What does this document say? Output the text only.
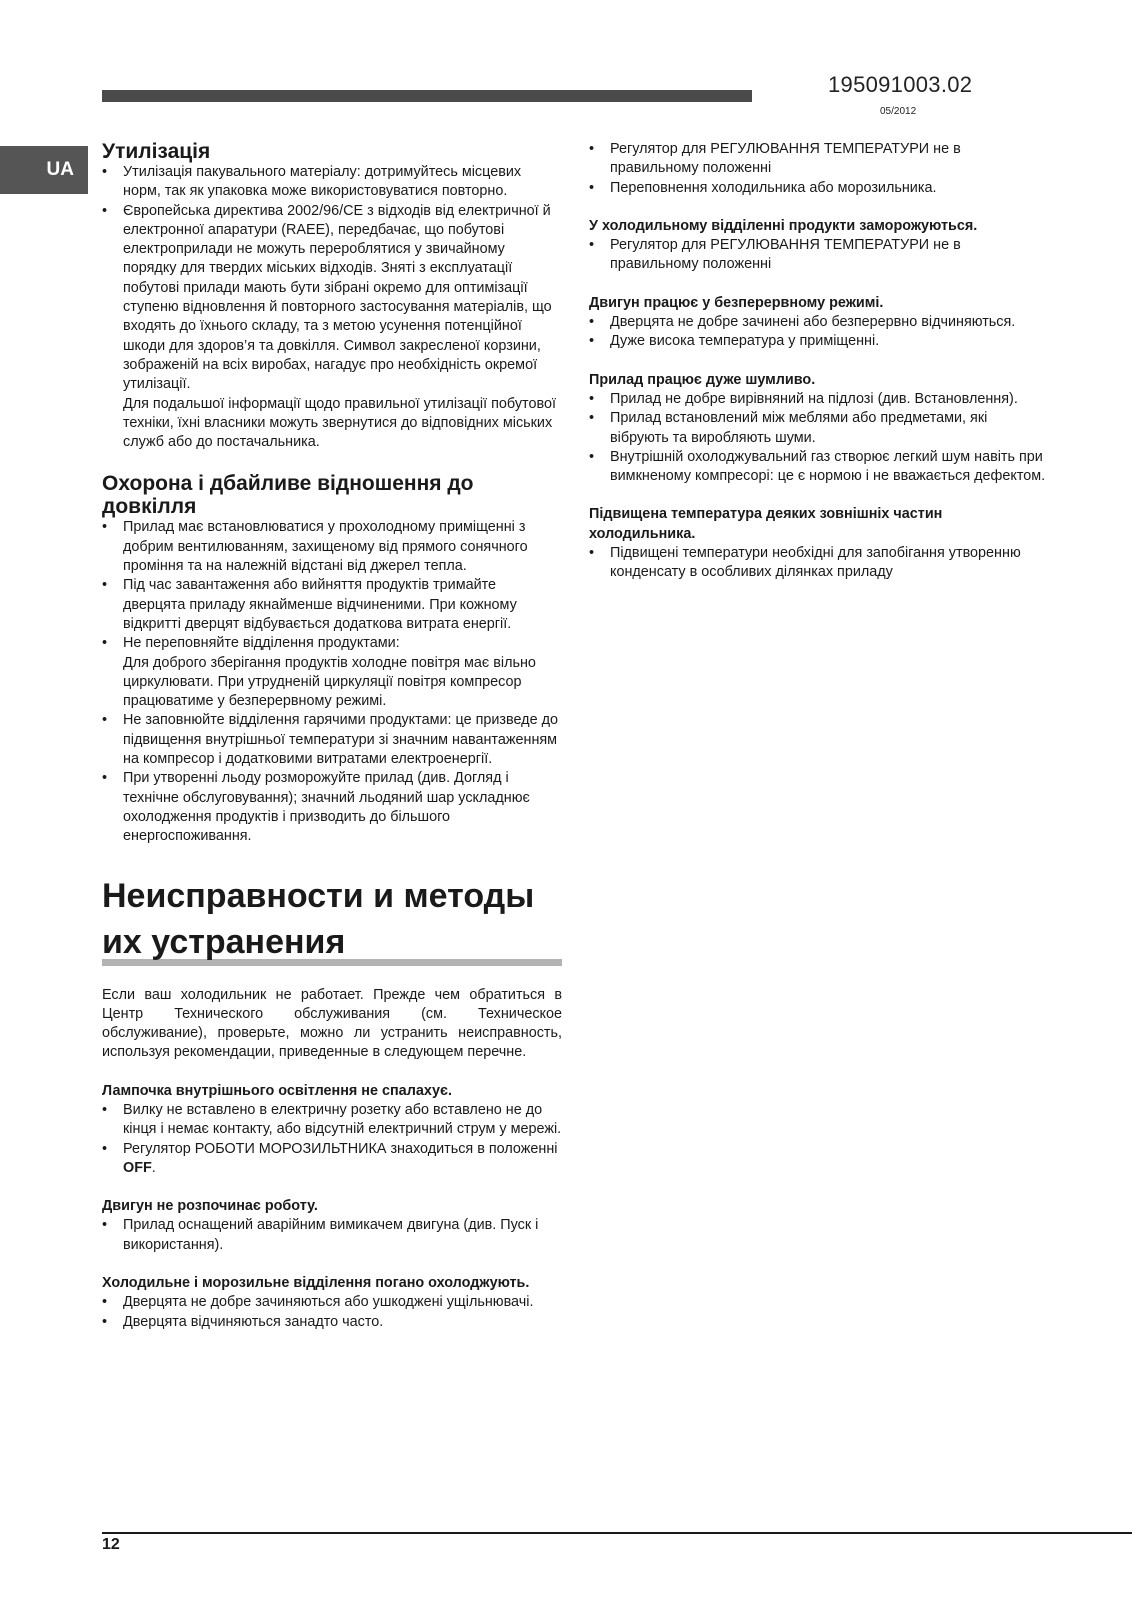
195091003.02
05/2012
UA
Утилізація
• Утилізація пакувального матеріалу: дотримуйтесь місцевих норм, так як упаковка може використовуватися повторно.
• Європейська директива 2002/96/CE з відходів від електричної й електронної апаратури (RAEE), передбачає, що побутові електроприлади не можуть перероблятися у звичайному порядку для твердих міських відходів. Зняті з експлуатації побутові прилади мають бути зібрані окремо для оптимізації ступеню відновлення й повторного застосування матеріалів, що входять до їхнього складу, та з метою усунення потенційної шкоди для здоров’я та довкілля. Символ закресленої корзини, зображеній на всіх виробах, нагадує про необхідність окремої утилізації.

Для подальшої інформації щодо правильної утилізації побутової техніки, їхні власники можуть звернутися до відповідних міських служб або до постачальника.

Охорона і дбайливе відношення до довкілля
• Прилад має встановлюватися у прохолодному приміщенні з добрим вентилюванням, захищеному від прямого сонячного проміння та на належній відстані від джерел тепла.
• Під час завантаження або вийняття продуктів тримайте дверцята приладу якнайменше відчиненими. При кожному відкритті дверцят відбувається додаткова витрата енергії.
• Не переповняйте відділення продуктами:
Для доброго зберігання продуктів холодне повітря має вільно циркулювати. При утрудненій циркуляції повітря компресор працюватиме у безперервному режимі.
• Не заповнюйте відділення гарячими продуктами: це призведе до підвищення внутрішньої температури зі значним навантаженням на компресор і додатковими витратами електроенергії.
• При утворенні льоду розморожуйте прилад (див. Догляд і технічне обслуговування); значний льодяний шар ускладнює охолодження продуктів і призводить до більшого енергоспоживання.
Неисправности и методы
их устранения

Если ваш холодильник не работает. Прежде чем обратиться в Центр Технического обслуживания (см. Техническое обслуживание), проверьте, можно ли устранить неисправность, используя рекомендации, приведенные в следующем перечне.

Лампочка внутрішнього освітлення не спалахує.

• Вилку не вставлено в електричну розетку або вставлено не до кінця і немає контакту, або відсутній електричний струм у мережі.
• Регулятор РОБОТИ МОРОЗИЛЬТНИКА знаходиться в положенні OFF.

Двигун не розпочинає роботу.

• Прилад оснащений аварійним вимикачем двигуна (див. Пуск і використання).

Холодильне і морозильне відділення погано охолоджують.

• Дверцята не добре зачиняються або ушкоджені ущільнювачі.
• Дверцята відчиняються занадто часто.
• Регулятор для РЕГУЛЮВАННЯ ТЕМПЕРАТУРИ не в правильному положенні
• Переповнення холодильника або морозильника.

У холодильному відділенні продукти заморожуються.

• Регулятор для РЕГУЛЮВАННЯ ТЕМПЕРАТУРИ не в правильному положенні

Двигун працює у безперервному режимі.

• Дверцята не добре зачинені або безперервно відчиняються.
• Дуже висока температура у приміщенні.

Прилад працює дуже шумливо.

• Прилад не добре вирівняний на підлозі (див. Встановлення).
• Прилад встановлений між меблями або предметами, які вібрують та виробляють шуми.
• Внутрішній охолоджувальний газ створює легкий шум навіть при вимкненому компресорі: це є нормою і не вважається дефектом.

Підвищена температура деяких зовнішніх частин холодильника.

• Підвищені температури необхідні для запобігання утворенню конденсату в особливих ділянках приладу
12
